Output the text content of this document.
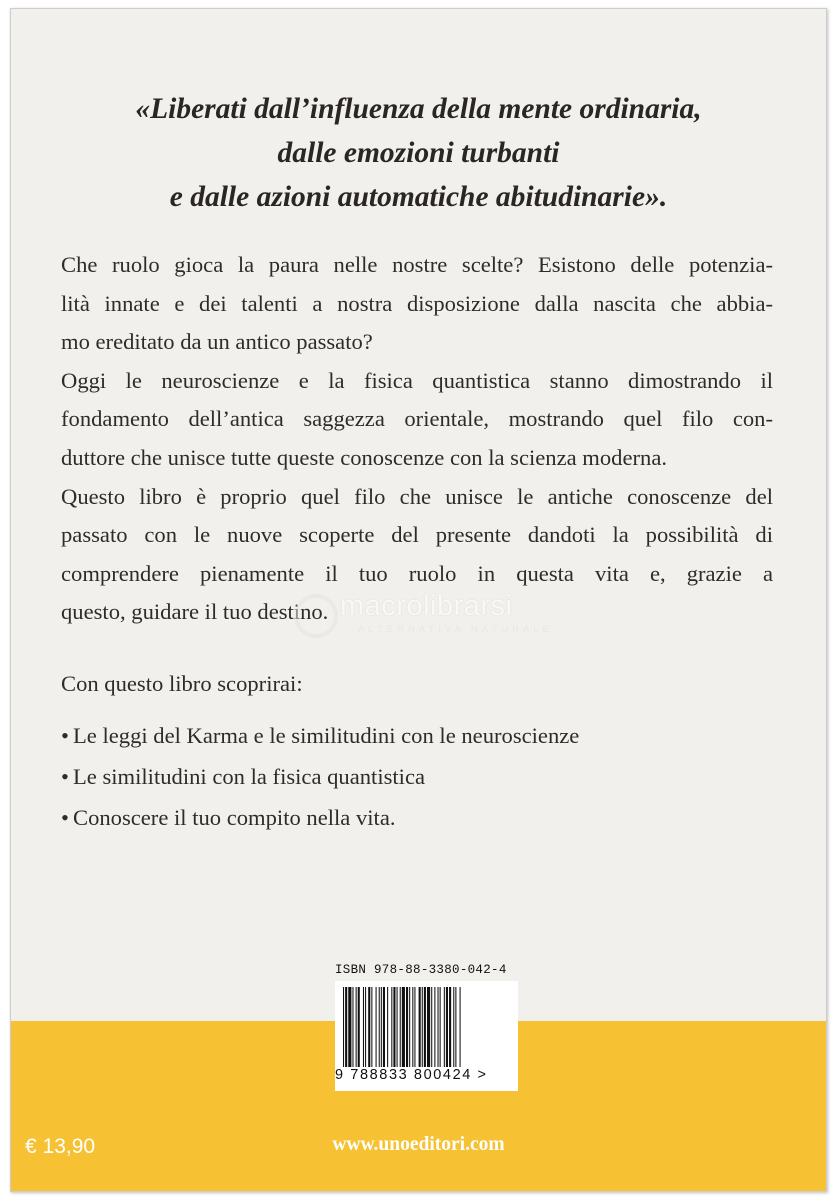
«Liberati dall’influenza della mente ordinaria,
dalle emozioni turbanti
e dalle azioni automatiche abitudinarie».

Che ruolo gioca la paura nelle nostre scelte? Esistono delle potenzia-
lità innate e dei talenti a nostra disposizione dalla nascita che abbia-
mo ereditato da un antico passato?

Oggi le neuroscienze e la fisica quantistica stanno dimostrando il
fondamento dell’antica saggezza orientale, mostrando quel filo con-
duttore che unisce tutte queste conoscenze con la scienza moderna.

Questo libro è proprio quel filo che unisce le antiche conoscenze del
passato con le nuove scoperte del presente dandoti la possibilità di
comprendere pienamente il tuo ruolo in questa vita e, grazie a
questo, guidare il tuo destino. macrolibrarsi
ALTERNATIVA NATURALE
Con questo libro scoprirai:
• Le leggi del Karma e le similitudini con le neuroscienze
• Le similitudini con la fisica quantistica
• Conoscere il tuo compito nella vita.
ISBN 978-88-3380-042-4
9 788833 800424 >
€ 13,90	www.unoeditori.com
